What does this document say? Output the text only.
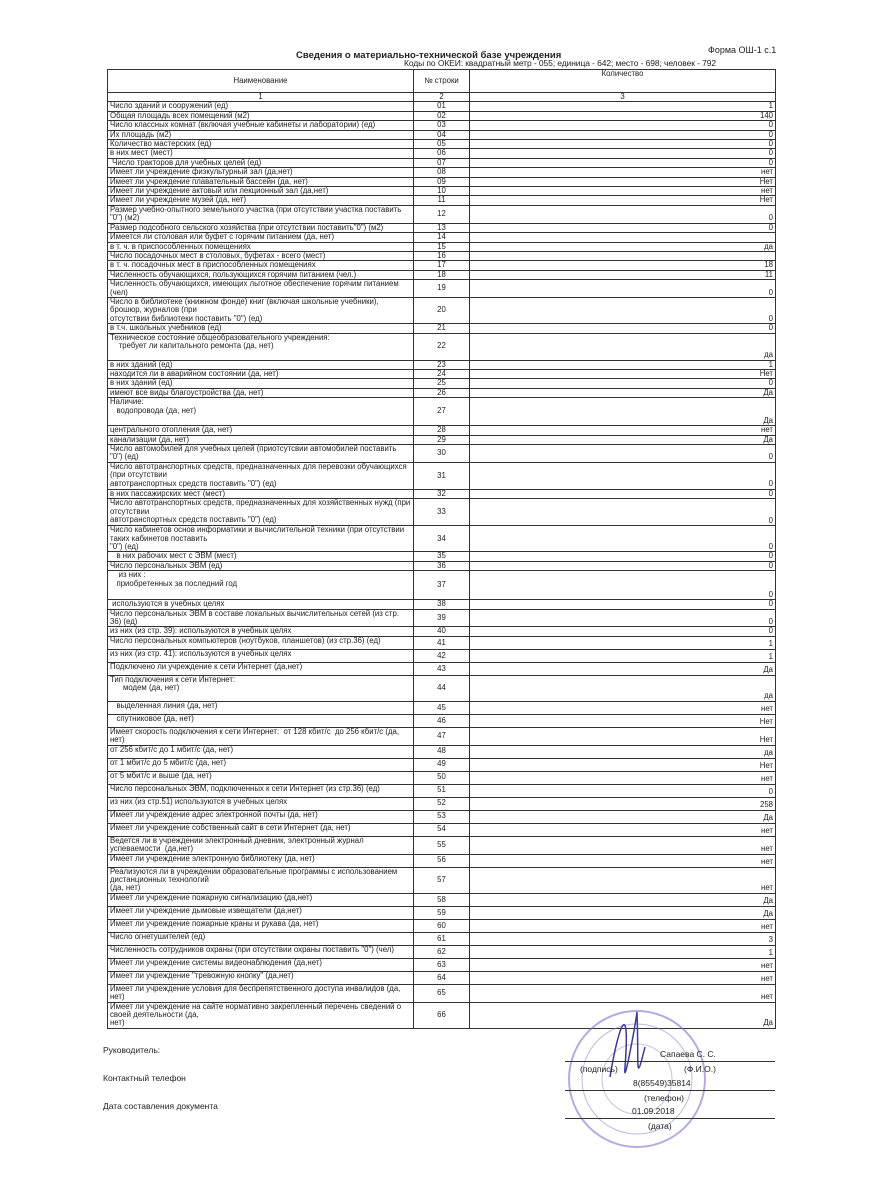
Сведения о материально-технической базе учреждения	Форма ОШ-1 с.1
Коды по ОКЕИ: квадратный метр - 055; единица - 642; место - 698; человек - 792
Наименование	№ строки	Количество
1	2	3
Число зданий и сооружений (ед)	01	1
Общая площадь всех помещений (м2)	02	140
Число классных комнат (включая учебные кабинеты и лаборатории) (ед)	03	0
Их площадь (м2)	04	0
Количество мастерских (ед)	05	0
в них мест (мест)	06	0
Число тракторов для учебных целей (ед)	07	0
Имеет ли учреждение физкультурный зал (да,нет)	08	нет
Имеет ли учреждение плавательный бассейн (да, нет)	09	Нет
Имеет ли учреждение актовый или лекционный зал (да,нет)	10	нет
Имеет ли учреждение музей (да, нет)	11	Нет
Размер учебно-опытного земельного участка (при отсутствии участка поставить "0") (м2)	12	0
Размер подсобного сельского хозяйства (при отсутствии поставить"0") (м2)	13	0
Имеется ли столовая или буфет с горячим питанием (да, нет)	14	
в т. ч. в приспособленных помещениях	15	да
Число посадочных мест в столовых, буфетах - всего (мест)	16	
в т. ч. посадочных мест в приспособленных помещениях	17	18
Численность обучающихся, пользующихся горячим питанием (чел.)	18	11
Численность обучающихся, имеющих льготное обеспечение горячим питанием (чел)	19	0
Число в библиотеке (книжном фонде) книг (включая школьные учебники), брошюр, журналов (при
отсутствии библиотеки поставить "0") (ед)	20	0
в т.ч. школьных учебников (ед)	21	0
Техническое состояние общеобразовательного учреждения:
требует ли капитального ремонта (да, нет)	22	да
в них зданий (ед)	23	1
находится ли в аварийном состоянии (да, нет)	24	Нет
в них зданий (ед)	25	0
имеют все виды благоустройства (да, нет)	26	Да
Наличие:
водопровода (да, нет)	27	Да
центрального отопления (да, нет)	28	нет
канализации (да, нет)	29	Да
Число автомобилей для учебных целей (приотсутсвии автомобилей поставить "0") (ед)	30	0
Число автотранспортных средств, предназначенных для перевозки обучающихся (при отсутствии
автотранспортных средств поставить "0") (ед)	31	0
в них пассажирских мест (мест)	32	0
Число автотранспортных средств, предназначенных для хозяйственных нужд (при отсутствии
автотранспортных средств поставить "0") (ед)	33	0
Число кабинетов основ информатики и вычислительной техники (при отсутствии таких кабинетов поставить
"0") (ед)	34	0
в них рабочих мест с ЭВМ (мест)	35	0
Число персональных ЭВМ (ед)	36	0
из них :
приобретенных за последний год	37	0
используются в учебных целях	38	0
Число персональных ЭВМ в составе локальных вычислительных сетей (из стр. 36) (ед)	39	0
из них (из стр. 39): используются в учебных целях	40	0
Число персональных компьютеров (ноутбуков, планшетов) (из стр.36) (ед)	41	1
из них (из стр. 41): используются в учебных целях	42	1
Подключено ли учреждение к сети Интернет (да,нет)	43	Да
Тип подключения к сети Интернет:
модем (да, нет)	44	да
выделенная линия (да, нет)	45	нет
спутниковое (да, нет)	46	Нет
Имеет скорость подключения к сети Интернет:  от 128 кбит/с  до 256 кбит/с (да, нет)	47	Нет
от 256 кбит/с до 1 мбит/с (да, нет)	48	да
от 1 мбит/с до 5 мбит/с (да, нет)	49	Нет
от 5 мбит/с и выше (да, нет)	50	нет
Число персональных ЭВМ, подключенных к сети Интернет (из стр.36) (ед)	51	0
из них (из стр.51) используются в учебных целях	52	258
Имеет ли учреждение адрес электронной почты (да, нет)	53	Да
Имеет ли учреждение собственный сайт в сети Интернет (да, нет)	54	нет
Ведется ли в учреждении электронный дневник, электронный журнал успеваемости  (да,нет)	55	нет
Имеет ли учреждение электронную библиотеку (да, нет)	56	нет
Реализуются ли в учреждении образовательные программы с использованием дистанционных технологий
(да, нет)	57	нет
Имеет ли учреждение пожарную сигнализацию (да,нет)	58	Да
Имеет ли учреждение дымовые извещатели (да,нет)	59	Да
Имеет ли учреждение пожарные краны и рукава (да, нет)	60	нет
Число огнетушителей (ед)	61	3
Численность сотрудников охраны (при отсутствии охраны поставить "0") (чел)	62	1
Имеет ли учреждение системы видеонаблюдения (да,нет)	63	нет
Имеет ли учреждение "тревожную кнопку" (да,нет)	64	нет
Имеет ли учреждение условия для беспрепятственного доступа инвалидов (да, нет)	65	нет
Имеет ли учреждение на сайте нормативно закрепленный перечень сведений о своей деятельности (да,
нет)	66	Да
Руководитель:
Контактный телефон
Дата составления документа
Сапаева С. С.
(подпись)	(Ф.И.О.)
8(85549)35814
(телефон)
01.09.2018
(дата)
